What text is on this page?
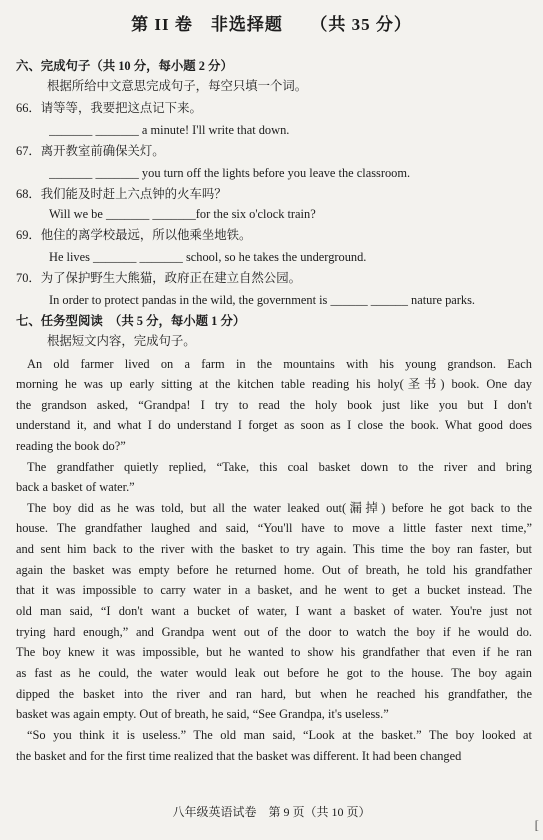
第 II 卷　非选择题　　（共 35 分）
六、完成句子（共 10 分，每小题 2 分）
根据所给中文意思完成句子，每空只填一个词。
66．请等等，我要把这点记下来。
_______ _______ a minute! I'll write that down.
67．离开教室前确保关灯。
_______ _______ you turn off the lights before you leave the classroom.
68．我们能及时赶上六点钟的火车吗？
Will we be _______ _______for the six o'clock train?
69．他住的离学校最远，所以他乘坐地铁。
He lives _______ _______ school, so he takes the underground.
70．为了保护野生大熊猫，政府正在建立自然公园。
In order to protect pandas in the wild, the government is ______ ______ nature parks.
七、任务型阅读　（共 5 分，每小题 1 分）
根据短文内容，完成句子。
An old farmer lived on a farm in the mountains with his young grandson. Each
morning he was up early sitting at the kitchen table reading his holy(圣书) book. One day
the grandson asked, “Grandpa! I try to read the holy book just like you but I don't
understand it, and what I do understand I forget as soon as I close the book. What good does
reading the book do?”
The grandfather quietly replied, “Take, this coal basket down to the river and bring
back a basket of water.”
The boy did as he was told, but all the water leaked out(漏掉) before he got back to the
house. The grandfather laughed and said, “You'll have to move a little faster next time,”
and sent him back to the river with the basket to try again. This time the boy ran faster, but
again the basket was empty before he returned home. Out of breath, he told his grandfather
that it was impossible to carry water in a basket, and he went to get a bucket instead. The
old man said, “I don't want a bucket of water, I want a basket of water. You're just not
trying hard enough,” and Grandpa went out of the door to watch the boy if he would do.
The boy knew it was impossible, but he wanted to show his grandfather that even if he ran
as fast as he could, the water would leak out before he got to the house. The boy again
dipped the basket into the river and ran hard, but when he reached his grandfather, the
basket was again empty. Out of breath, he said, “See Grandpa, it's useless.”
“So you think it is useless.” The old man said, “Look at the basket.” The boy looked at
the basket and for the first time realized that the basket was different. It had been changed
八年级英语试卷　第 9 页（共 10 页）
[
